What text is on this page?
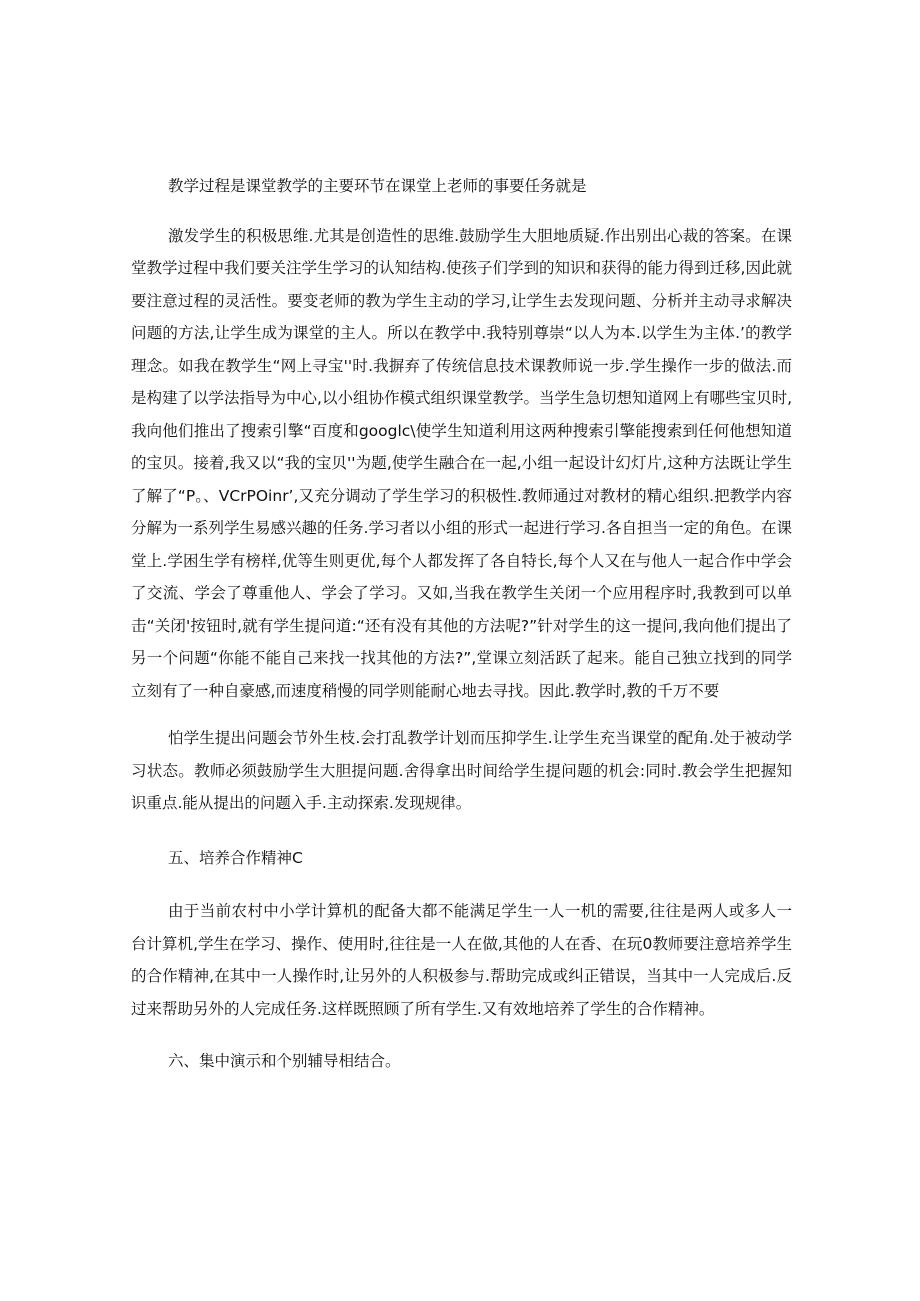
教学过程是课堂教学的主要环节在课堂上老师的事要任务就是

激发学生的积极思维.尤其是创造性的思维.鼓励学生大胆地质疑.作出别出心裁的答案。在课堂教学过程中我们要关注学生学习的认知结构.使孩子们学到的知识和获得的能力得到迁移,因此就要注意过程的灵活性。要变老师的教为学生主动的学习,让学生去发现问题、分析并主动寻求解决问题的方法,让学生成为课堂的主人。所以在教学中.我特别尊崇“以人为本.以学生为主体.’的教学理念。如我在教学生“网上寻宝''时.我摒弃了传统信息技术课教师说一步.学生操作一步的做法.而是构建了以学法指导为中心,以小组协作模式组织课堂教学。当学生急切想知道网上有哪些宝贝时,我向他们推出了搜索引擎“百度和googlc\使学生知道利用这两种搜索引擎能搜索到任何他想知道的宝贝。接着,我又以“我的宝贝''为题,使学生融合在一起,小组一起设计幻灯片,这种方法既让学生了解了“P。、VCrPOinr’,又充分调动了学生学习的积极性.教师通过对教材的精心组织.把教学内容分解为一系列学生易感兴趣的任务.学习者以小组的形式一起进行学习.各自担当一定的角色。在课堂上.学困生学有榜样,优等生则更优,每个人都发挥了各自特长,每个人又在与他人一起合作中学会了交流、学会了尊重他人、学会了学习。又如,当我在教学生关闭一个应用程序时,我教到可以单击“关闭'按钮时,就有学生提问道:“还有没有其他的方法呢?”针对学生的这一提问,我向他们提出了另一个问题“你能不能自己来找一找其他的方法?”,堂课立刻活跃了起来。能自己独立找到的同学立刻有了一种自豪感,而速度稍慢的同学则能耐心地去寻找。因此.教学时,教的千万不要

怕学生提出问题会节外生枝.会打乱教学计划而压抑学生.让学生充当课堂的配角.处于被动学习状态。教师必须鼓励学生大胆提问题.舍得拿出时间给学生提问题的机会:同时.教会学生把握知识重点.能从提出的问题入手.主动探索.发现规律。

五、培养合作精神C

由于当前农村中小学计算机的配备大都不能满足学生一人一机的需要,往往是两人或多人一台计算机,学生在学习、操作、使用时,往往是一人在做,其他的人在香、在玩0教师要注意培养学生的合作精神,在其中一人操作时,让另外的人积极参与.帮助完成或纠正错误，当其中一人完成后.反过来帮助另外的人完成任务.这样既照顾了所有学生.又有效地培养了学生的合作精神。

六、集中演示和个别辅导相结合。
